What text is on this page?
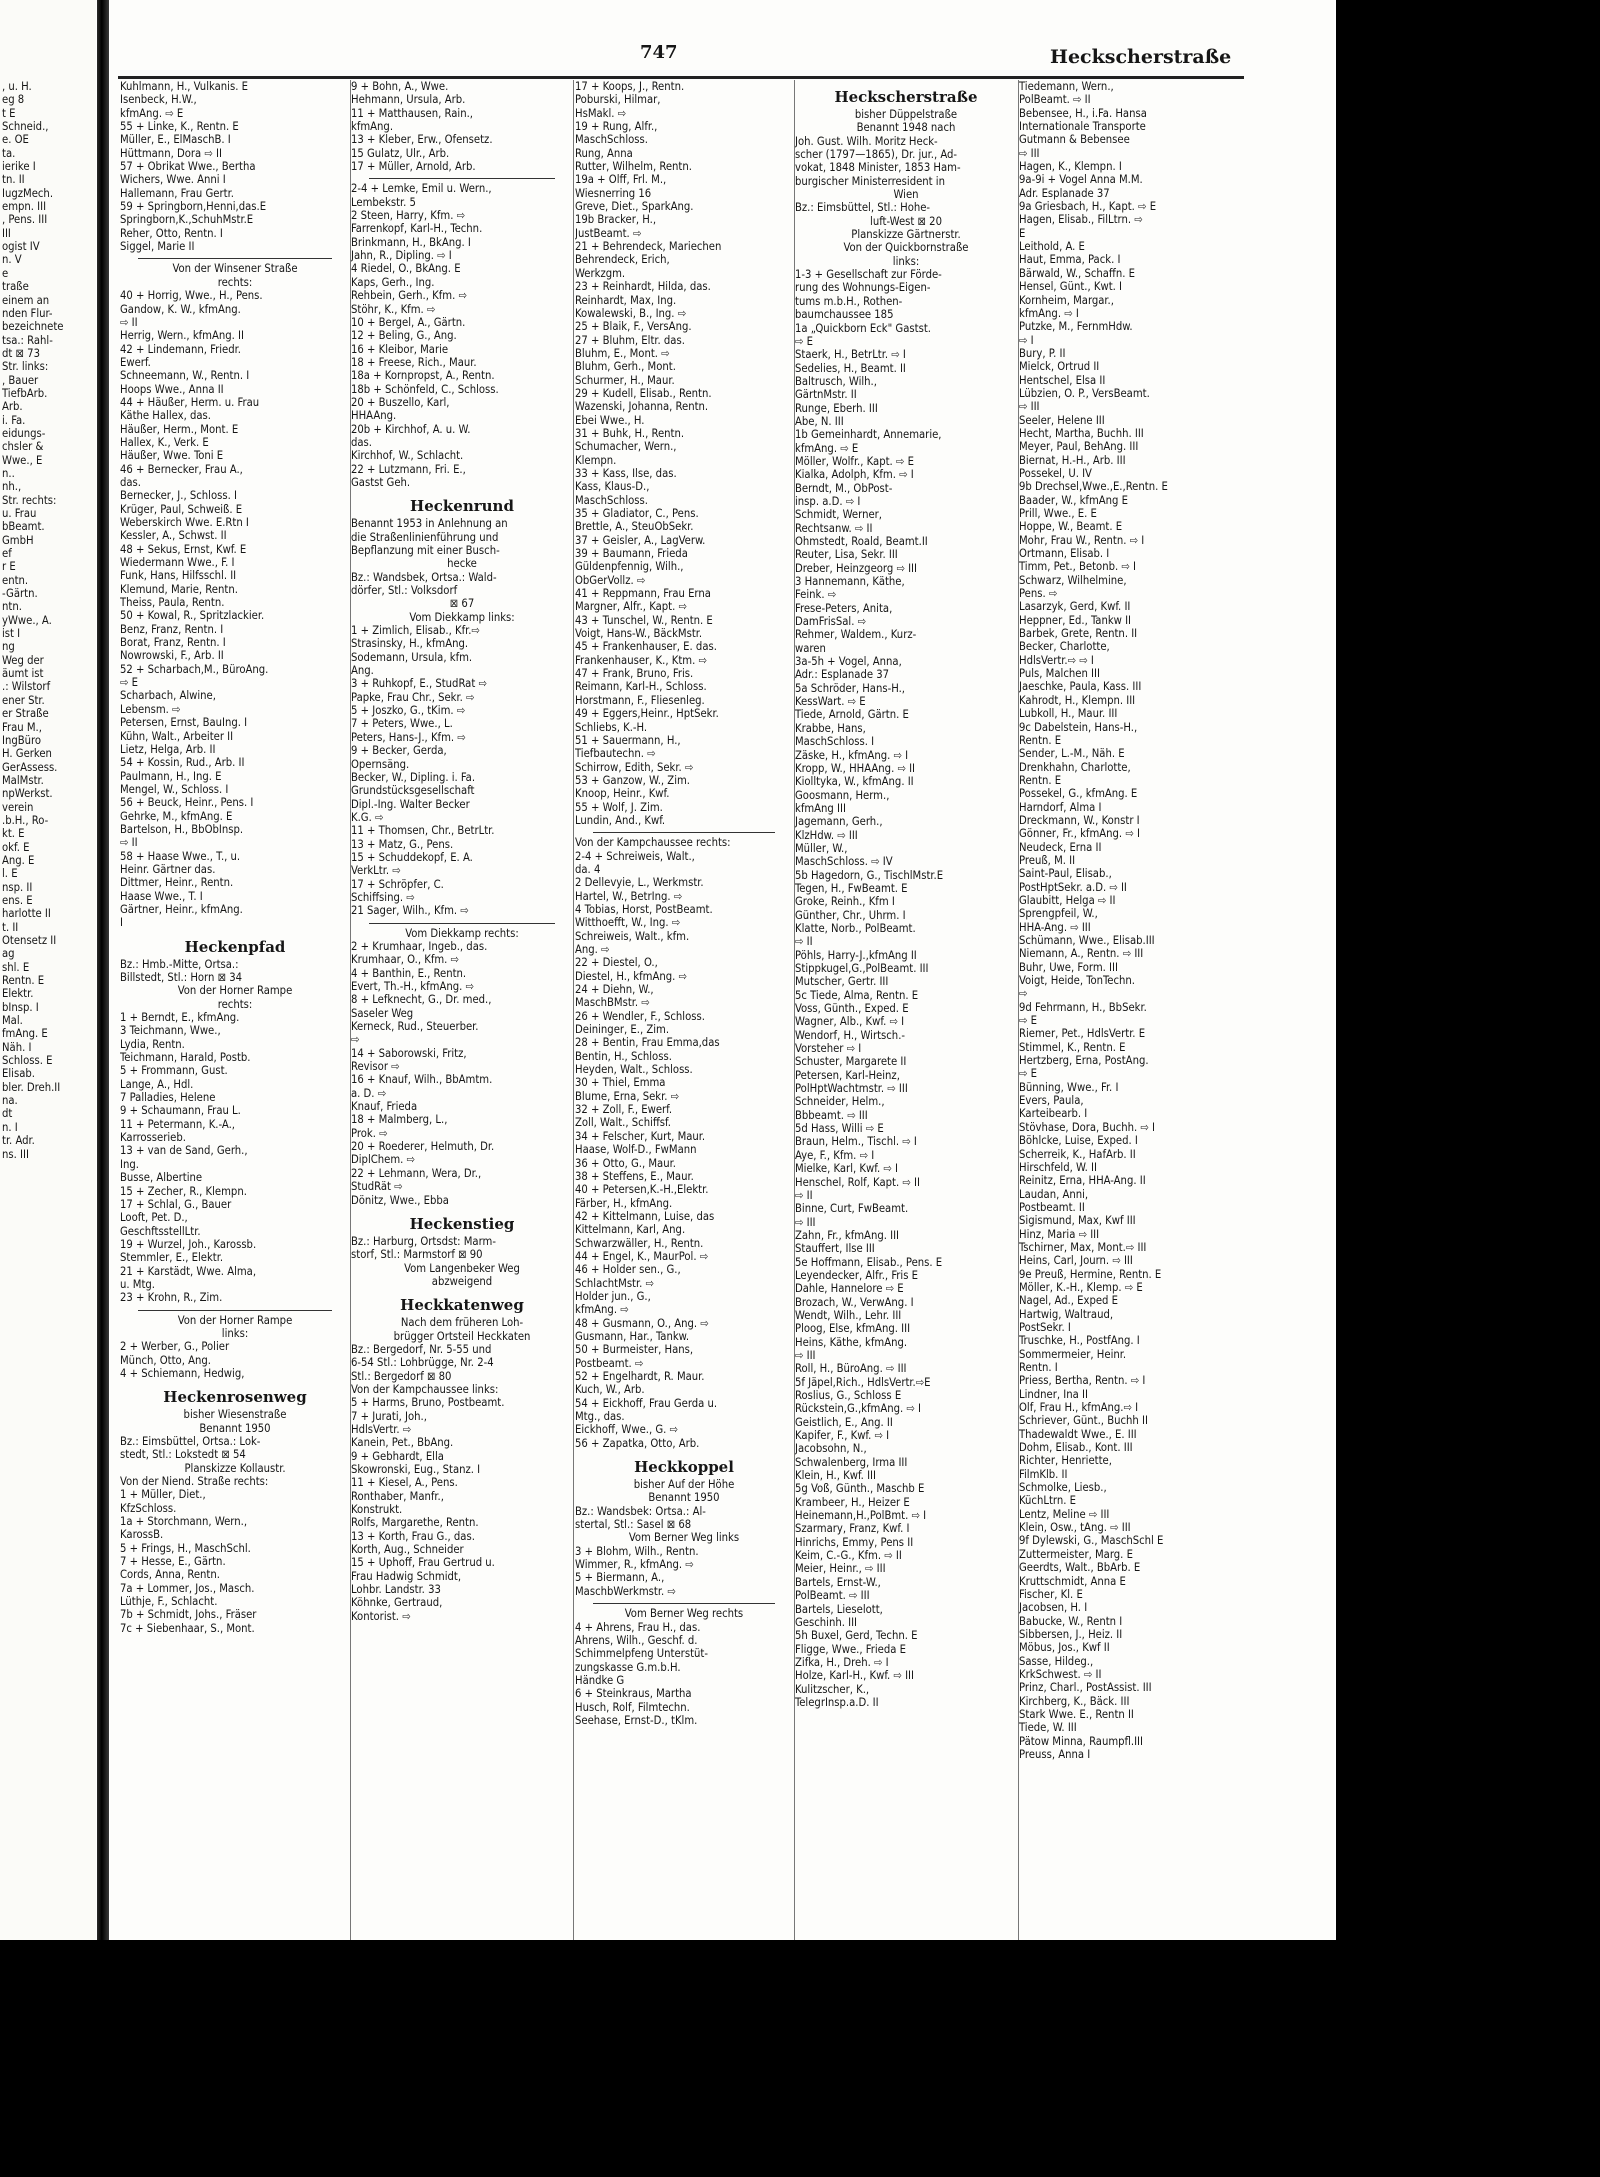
, u. H.
eg 8
t E
Schneid.,
e. OE
ta.
ierike I
tn. II
IugzMech.
empn. III
, Pens. III
III
ogist IV
n. V
e
traße
einem an
nden Flur-
bezeichnete
tsa.: Rahl-
dt ⊠ 73
Str. links:
, Bauer
TiefbArb.
Arb.
i. Fa.
eidungs-
chsler &
Wwe., E
n..
nh.,
Str. rechts:
u. Frau
bBeamt.
GmbH
ef
r E
entn.
-Gärtn.
ntn.
yWwe., A.
ist I
ng
Weg der
äumt ist
.: Wilstorf
ener Str.
er Straße
Frau M.,
IngBüro
H. Gerken
GerAssess.
MalMstr.
npWerkst.
verein
.b.H., Ro-
kt. E
okf. E
Ang. E
l. E
nsp. II
ens. E
harlotte II
t. II
Otensetz II
ag
shl. E
Rentn. E
Elektr.
bInsp. I
Mal.
fmAng. E
Näh. I
Schloss. E
Elisab.
bler. Dreh.II
na.
dt
n. I
tr. Adr.
ns. III
747	Heckscherstraße
Kuhlmann, H., Vulkanis. E
Isenbeck, H.W.,
kfmAng. ⇨ E
55 + Linke, K., Rentn. E
Müller, E., ElMaschB. I
Hüttmann, Dora ⇨ II
57 + Obrikat Wwe., Bertha
Wichers, Wwe. Anni I
Hallemann, Frau Gertr.
59 + Springborn,Henni,das.E
Springborn,K.,SchuhMstr.E
Reher, Otto, Rentn. I
Siggel, Marie II
Von der Winsener Straße
rechts:
40 + Horrig, Wwe., H., Pens.
Gandow, K. W., kfmAng.
⇨ II
Herrig, Wern., kfmAng. II
42 + Lindemann, Friedr.
Ewerf.
Schneemann, W., Rentn. I
Hoops Wwe., Anna II
44 + Häußer, Herm. u. Frau
Käthe Hallex, das.
Häußer, Herm., Mont. E
Hallex, K., Verk. E
Häußer, Wwe. Toni E
46 + Bernecker, Frau A.,
das.
Bernecker, J., Schloss. I
Krüger, Paul, Schweiß. E
Weberskirch Wwe. E.Rtn I
Kessler, A., Schwst. II
48 + Sekus, Ernst, Kwf. E
Wiedermann Wwe., F. I
Funk, Hans, Hilfsschl. II
Klemund, Marie, Rentn.
Theiss, Paula, Rentn.
50 + Kowal, R., Spritzlackier.
Benz, Franz, Rentn. I
Borat, Franz, Rentn. I
Nowrowski, F., Arb. II
52 + Scharbach,M., BüroAng.
⇨ E
Scharbach, Alwine,
Lebensm. ⇨
Petersen, Ernst, BauIng. I
Kühn, Walt., Arbeiter II
Lietz, Helga, Arb. II
54 + Kossin, Rud., Arb. II
Paulmann, H., Ing. E
Mengel, W., Schloss. I
56 + Beuck, Heinr., Pens. I
Gehrke, M., kfmAng. E
Bartelson, H., BbObInsp.
⇨ II
58 + Haase Wwe., T., u.
Heinr. Gärtner das.
Dittmer, Heinr., Rentn.
Haase Wwe., T. I
Gärtner, Heinr., kfmAng.
I
Heckenpfad
Bz.: Hmb.-Mitte, Ortsa.:
Billstedt, Stl.: Horn ⊠ 34
Von der Horner Rampe
rechts:
1 + Berndt, E., kfmAng.
3 Teichmann, Wwe.,
Lydia, Rentn.
Teichmann, Harald, Postb.
5 + Frommann, Gust.
Lange, A., Hdl.
7 Palladies, Helene
9 + Schaumann, Frau L.
11 + Petermann, K.-A.,
Karrosserieb.
13 + van de Sand, Gerh.,
Ing.
Busse, Albertine
15 + Zecher, R., Klempn.
17 + Schlal, G., Bauer
Looft, Pet. D.,
GeschftsstellLtr.
19 + Wurzel, Joh., Karossb.
Stemmler, E., Elektr.
21 + Karstädt, Wwe. Alma,
u. Mtg.
23 + Krohn, R., Zim.
Von der Horner Rampe
links:
2 + Werber, G., Polier
Münch, Otto, Ang.
4 + Schiemann, Hedwig,
Heckenrosenweg
bisher Wiesenstraße
Benannt 1950
Bz.: Eimsbüttel, Ortsa.: Lok-
stedt, Stl.: Lokstedt ⊠ 54
Planskizze Kollaustr.
Von der Niend. Straße rechts:
1 + Müller, Diet.,
KfzSchloss.
1a + Storchmann, Wern.,
KarossB.
5 + Frings, H., MaschSchl.
7 + Hesse, E., Gärtn.
Cords, Anna, Rentn.
7a + Lommer, Jos., Masch.
Lüthje, F., Schlacht.
7b + Schmidt, Johs., Fräser
7c + Siebenhaar, S., Mont.
9 + Bohn, A., Wwe.
Hehmann, Ursula, Arb.
11 + Matthausen, Rain.,
kfmAng.
13 + Kleber, Erw., Ofensetz.
15 Gulatz, Ulr., Arb.
17 + Müller, Arnold, Arb.
2-4 + Lemke, Emil u. Wern.,
Lembekstr. 5
2 Steen, Harry, Kfm. ⇨
Farrenkopf, Karl-H., Techn.
Brinkmann, H., BkAng. I
Jahn, R., Dipling. ⇨ I
4 Riedel, O., BkAng. E
Kaps, Gerh., Ing.
Rehbein, Gerh., Kfm. ⇨
Stöhr, K., Kfm. ⇨
10 + Bergel, A., Gärtn.
12 + Beling, G., Ang.
16 + Kleibor, Marie
18 + Freese, Rich., Maur.
18a + Kornpropst, A., Rentn.
18b + Schönfeld, C., Schloss.
20 + Buszello, Karl,
HHAAng.
20b + Kirchhof, A. u. W.
das.
Kirchhof, W., Schlacht.
22 + Lutzmann, Fri. E.,
Gastst Geh.
Heckenrund
Benannt 1953 in Anlehnung an
die Straßenlinienführung und
Bepflanzung mit einer Busch-
hecke
Bz.: Wandsbek, Ortsa.: Wald-
dörfer, Stl.: Volksdorf
⊠ 67
Vom Diekkamp links:
1 + Zimlich, Elisab., Kfr.⇨
Strasinsky, H., kfmAng.
Sodemann, Ursula, kfm.
Ang.
3 + Ruhkopf, E., StudRat ⇨
Papke, Frau Chr., Sekr. ⇨
5 + Joszko, G., tKim. ⇨
7 + Peters, Wwe., L.
Peters, Hans-J., Kfm. ⇨
9 + Becker, Gerda,
Opernsäng.
Becker, W., Dipling. i. Fa.
Grundstücksgesellschaft
Dipl.-Ing. Walter Becker
K.G. ⇨
11 + Thomsen, Chr., BetrLtr.
13 + Matz, G., Pens.
15 + Schuddekopf, E. A.
VerkLtr. ⇨
17 + Schröpfer, C.
Schiffsing. ⇨
21 Sager, Wilh., Kfm. ⇨
Vom Diekkamp rechts:
2 + Krumhaar, Ingeb., das.
Krumhaar, O., Kfm. ⇨
4 + Banthin, E., Rentn.
Evert, Th.-H., kfmAng. ⇨
8 + Lefknecht, G., Dr. med.,
Saseler Weg
Kerneck, Rud., Steuerber.
⇨
14 + Saborowski, Fritz,
Revisor ⇨
16 + Knauf, Wilh., BbAmtm.
a. D. ⇨
Knauf, Frieda
18 + Malmberg, L.,
Prok. ⇨
20 + Roederer, Helmuth, Dr.
DiplChem. ⇨
22 + Lehmann, Wera, Dr.,
StudRät ⇨
Dönitz, Wwe., Ebba
Heckenstieg
Bz.: Harburg, Ortsdst: Marm-
storf, Stl.: Marmstorf ⊠ 90
Vom Langenbeker Weg
abzweigend
Heckkatenweg
Nach dem früheren Loh-
brügger Ortsteil Heckkaten
Bz.: Bergedorf, Nr. 5-55 und
6-54 Stl.: Lohbrügge, Nr. 2-4
Stl.: Bergedorf ⊠ 80
Von der Kampchaussee links:
5 + Harms, Bruno, Postbeamt.
7 + Jurati, Joh.,
HdlsVertr. ⇨
Kanein, Pet., BbAng.
9 + Gebhardt, Ella
Skowronski, Eug., Stanz. I
11 + Kiesel, A., Pens.
Ronthaber, Manfr.,
Konstrukt.
Rolfs, Margarethe, Rentn.
13 + Korth, Frau G., das.
Korth, Aug., Schneider
15 + Uphoff, Frau Gertrud u.
Frau Hadwig Schmidt,
Lohbr. Landstr. 33
Köhnke, Gertraud,
Kontorist. ⇨
17 + Koops, J., Rentn.
Poburski, Hilmar,
HsMakl. ⇨
19 + Rung, Alfr.,
MaschSchloss.
Rung, Anna
Rutter, Wilhelm, Rentn.
19a + Olff, Frl. M.,
Wiesnerring 16
Greve, Diet., SparkAng.
19b Bracker, H.,
JustBeamt. ⇨
21 + Behrendeck, Mariechen
Behrendeck, Erich,
Werkzgm.
23 + Reinhardt, Hilda, das.
Reinhardt, Max, Ing.
Kowalewski, B., Ing. ⇨
25 + Blaik, F., VersAng.
27 + Bluhm, Eltr. das.
Bluhm, E., Mont. ⇨
Bluhm, Gerh., Mont.
Schurmer, H., Maur.
29 + Kudell, Elisab., Rentn.
Wazenski, Johanna, Rentn.
Ebei Wwe., H.
31 + Buhk, H., Rentn.
Schumacher, Wern.,
Klempn.
33 + Kass, Ilse, das.
Kass, Klaus-D.,
MaschSchloss.
35 + Gladiator, C., Pens.
Brettle, A., SteuObSekr.
37 + Geisler, A., LagVerw.
39 + Baumann, Frieda
Güldenpfennig, Wilh.,
ObGerVollz. ⇨
41 + Reppmann, Frau Erna
Margner, Alfr., Kapt. ⇨
43 + Tunschel, W., Rentn. E
Voigt, Hans-W., BäckMstr.
45 + Frankenhauser, E. das.
Frankenhauser, K., Ktm. ⇨
47 + Frank, Bruno, Fris.
Reimann, Karl-H., Schloss.
Horstmann, F., Fliesenleg.
49 + Eggers,Heinr., HptSekr.
Schliebs, K.-H.
51 + Sauermann, H.,
Tiefbautechn. ⇨
Schirrow, Edith, Sekr. ⇨
53 + Ganzow, W., Zim.
Knoop, Heinr., Kwf.
55 + Wolf, J. Zim.
Lundin, And., Kwf.
Von der Kampchaussee rechts:
2-4 + Schreiweis, Walt.,
da. 4
2 Dellevyie, L., Werkmstr.
Hartel, W., BetrIng. ⇨
4 Tobias, Horst, PostBeamt.
Witthoefft, W., Ing. ⇨
Schreiweis, Walt., kfm.
Ang. ⇨
22 + Diestel, O.,
Diestel, H., kfmAng. ⇨
24 + Diehn, W.,
MaschBMstr. ⇨
26 + Wendler, F., Schloss.
Deininger, E., Zim.
28 + Bentin, Frau Emma,das
Bentin, H., Schloss.
Heyden, Walt., Schloss.
30 + Thiel, Emma
Blume, Erna, Sekr. ⇨
32 + Zoll, F., Ewerf.
Zoll, Walt., Schiffsf.
34 + Felscher, Kurt, Maur.
Haase, Wolf-D., FwMann
36 + Otto, G., Maur.
38 + Steffens, E., Maur.
40 + Petersen,K.-H.,Elektr.
Färber, H., kfmAng.
42 + Kittelmann, Luise, das
Kittelmann, Karl, Ang.
Schwarzwäller, H., Rentn.
44 + Engel, K., MaurPol. ⇨
46 + Holder sen., G.,
SchlachtMstr. ⇨
Holder jun., G.,
kfmAng. ⇨
48 + Gusmann, O., Ang. ⇨
Gusmann, Har., Tankw.
50 + Burmeister, Hans,
Postbeamt. ⇨
52 + Engelhardt, R. Maur.
Kuch, W., Arb.
54 + Eickhoff, Frau Gerda u.
Mtg., das.
Eickhoff, Wwe., G. ⇨
56 + Zapatka, Otto, Arb.
Heckkoppel
bisher Auf der Höhe
Benannt 1950
Bz.: Wandsbek: Ortsa.: Al-
stertal, Stl.: Sasel ⊠ 68
Vom Berner Weg links
3 + Blohm, Wilh., Rentn.
Wimmer, R., kfmAng. ⇨
5 + Biermann, A.,
MaschbWerkmstr. ⇨
Vom Berner Weg rechts
4 + Ahrens, Frau H., das.
Ahrens, Wilh., Geschf. d.
Schimmelpfeng Unterstüt-
zungskasse G.m.b.H.
Händke G
6 + Steinkraus, Martha
Husch, Rolf, Filmtechn.
Seehase, Ernst-D., tKlm.
Heckscherstraße
bisher Düppelstraße
Benannt 1948 nach
Joh. Gust. Wilh. Moritz Heck-
scher (1797—1865), Dr. jur., Ad-
vokat, 1848 Minister, 1853 Ham-
burgischer Ministerresident in
Wien
Bz.: Eimsbüttel, Stl.: Hohe-
luft-West ⊠ 20
Planskizze Gärtnerstr.
Von der Quickbornstraße
links:
1-3 + Gesellschaft zur Förde-
rung des Wohnungs-Eigen-
tums m.b.H., Rothen-
baumchaussee 185
1a „Quickborn Eck" Gastst.
⇨ E
Staerk, H., BetrLtr. ⇨ I
Sedelies, H., Beamt. II
Baltrusch, Wilh.,
GärtnMstr. II
Runge, Eberh. III
Abe, N. III
1b Gemeinhardt, Annemarie,
kfmAng. ⇨ E
Möller, Wolfr., Kapt. ⇨ E
Kialka, Adolph, Kfm. ⇨ I
Berndt, M., ObPost-
insp. a.D. ⇨ I
Schmidt, Werner,
Rechtsanw. ⇨ II
Ohmstedt, Roald, Beamt.II
Reuter, Lisa, Sekr. III
Dreber, Heinzgeorg ⇨ III
3 Hannemann, Käthe,
Feink. ⇨
Frese-Peters, Anita,
DamFrisSal. ⇨
Rehmer, Waldem., Kurz-
waren
3a-5h + Vogel, Anna,
Adr.: Esplanade 37
5a Schröder, Hans-H.,
KessWart. ⇨ E
Tiede, Arnold, Gärtn. E
Krabbe, Hans,
MaschSchloss. I
Zäske, H., kfmAng. ⇨ I
Kropp, W., HHAAng. ⇨ II
Kiolltyka, W., kfmAng. II
Goosmann, Herm.,
kfmAng III
Jagemann, Gerh.,
KlzHdw. ⇨ III
Müller, W.,
MaschSchloss. ⇨ IV
5b Hagedorn, G., TischlMstr.E
Tegen, H., FwBeamt. E
Groke, Reinh., Kfm I
Günther, Chr., Uhrm. I
Klatte, Norb., PolBeamt.
⇨ II
Pöhls, Harry-J.,kfmAng II
Stippkugel,G.,PolBeamt. III
Mutscher, Gertr. III
5c Tiede, Alma, Rentn. E
Voss, Günth., Exped. E
Wagner, Alb., Kwf. ⇨ I
Wendorf, H., Wirtsch.-
Vorsteher ⇨ I
Schuster, Margarete II
Petersen, Karl-Heinz,
PolHptWachtmstr. ⇨ III
Schneider, Helm.,
Bbbeamt. ⇨ III
5d Hass, Willi ⇨ E
Braun, Helm., Tischl. ⇨ I
Aye, F., Kfm. ⇨ I
Mielke, Karl, Kwf. ⇨ I
Henschel, Rolf, Kapt. ⇨ II
⇨ II
Binne, Curt, FwBeamt.
⇨ III
Zahn, Fr., kfmAng. III
Stauffert, Ilse III
5e Hoffmann, Elisab., Pens. E
Leyendecker, Alfr., Fris E
Dahle, Hannelore ⇨ E
Brozach, W., VerwAng. I
Wendt, Wilh., Lehr. III
Ploog, Else, kfmAng. III
Heins, Käthe, kfmAng.
⇨ III
Roll, H., BüroAng. ⇨ III
5f Jäpel,Rich., HdlsVertr.⇨E
Roslius, G., Schloss E
Rückstein,G.,kfmAng. ⇨ I
Geistlich, E., Ang. II
Kapifer, F., Kwf. ⇨ I
Jacobsohn, N.,
Schwalenberg, Irma III
Klein, H., Kwf. III
5g Voß, Günth., Maschb E
Krambeer, H., Heizer E
Heinemann,H.,PolBmt. ⇨ I
Szarmary, Franz, Kwf. I
Hinrichs, Emmy, Pens II
Keim, C.-G., Kfm. ⇨ II
Meier, Heinr., ⇨ III
Bartels, Ernst-W.,
PolBeamt. ⇨ III
Bartels, Lieselott,
Geschinh. III
5h Buxel, Gerd, Techn. E
Fligge, Wwe., Frieda E
Zifka, H., Dreh. ⇨ I
Holze, Karl-H., Kwf. ⇨ III
Kulitzscher, K.,
TelegrInsp.a.D. II
Tiedemann, Wern.,
PolBeamt. ⇨ II
Bebensee, H., i.Fa. Hansa
Internationale Transporte
Gutmann & Bebensee
⇨ III
Hagen, K., Klempn. I
9a-9i + Vogel Anna M.M.
Adr. Esplanade 37
9a Griesbach, H., Kapt. ⇨ E
Hagen, Elisab., FilLtrn. ⇨
E
Leithold, A. E
Haut, Emma, Pack. I
Bärwald, W., Schaffn. E
Hensel, Günt., Kwt. I
Kornheim, Margar.,
kfmAng. ⇨ I
Putzke, M., FernmHdw.
⇨ I
Bury, P. II
Mielck, Ortrud II
Hentschel, Elsa II
Lübzien, O. P., VersBeamt.
⇨ III
Seeler, Helene III
Hecht, Martha, Buchh. III
Meyer, Paul, BehAng. III
Biernat, H.-H., Arb. III
Possekel, U. IV
9b Drechsel,Wwe.,E.,Rentn. E
Baader, W., kfmAng E
Prill, Wwe., E. E
Hoppe, W., Beamt. E
Mohr, Frau W., Rentn. ⇨ I
Ortmann, Elisab. I
Timm, Pet., Betonb. ⇨ I
Schwarz, Wilhelmine,
Pens. ⇨
Lasarzyk, Gerd, Kwf. II
Heppner, Ed., Tankw II
Barbek, Grete, Rentn. II
Becker, Charlotte,
HdlsVertr.⇨ ⇨ I
Puls, Malchen III
Jaeschke, Paula, Kass. III
Kahrodt, H., Klempn. III
Lubkoll, H., Maur. III
9c Dabelstein, Hans-H.,
Rentn. E
Sender, L.-M., Näh. E
Drenkhahn, Charlotte,
Rentn. E
Possekel, G., kfmAng. E
Harndorf, Alma I
Dreckmann, W., Konstr I
Gönner, Fr., kfmAng. ⇨ I
Neudeck, Erna II
Preuß, M. II
Saint-Paul, Elisab.,
PostHptSekr. a.D. ⇨ II
Glaubitt, Helga ⇨ II
Sprengpfeil, W.,
HHA-Ang. ⇨ III
Schümann, Wwe., Elisab.III
Niemann, A., Rentn. ⇨ III
Buhr, Uwe, Form. III
Voigt, Heide, TonTechn.
⇨
9d Fehrmann, H., BbSekr.
⇨ E
Riemer, Pet., HdlsVertr. E
Stimmel, K., Rentn. E
Hertzberg, Erna, PostAng.
⇨ E
Bünning, Wwe., Fr. I
Evers, Paula,
Karteibearb. I
Stövhase, Dora, Buchh. ⇨ I
Böhlcke, Luise, Exped. I
Scherreik, K., HafArb. II
Hirschfeld, W. II
Reinitz, Erna, HHA-Ang. II
Laudan, Anni,
Postbeamt. II
Sigismund, Max, Kwf III
Hinz, Maria ⇨ III
Tschirner, Max, Mont.⇨ III
Heins, Carl, Journ. ⇨ III
9e Preuß, Hermine, Rentn. E
Möller, K.-H., Klemp. ⇨ E
Nagel, Ad., Exped E
Hartwig, Waltraud,
PostSekr. I
Truschke, H., PostfAng. I
Sommermeier, Heinr.
Rentn. I
Priess, Bertha, Rentn. ⇨ I
Lindner, Ina II
Olf, Frau H., kfmAng.⇨ I
Schriever, Günt., Buchh II
Thadewaldt Wwe., E. III
Dohm, Elisab., Kont. III
Richter, Henriette,
FilmKlb. II
Schmolke, Liesb.,
KüchLtrn. E
Lentz, Meline ⇨ III
Klein, Osw., tAng. ⇨ III
9f Dylewski, G., MaschSchl E
Zuttermeister, Marg. E
Geerdts, Walt., BbArb. E
Kruttschmidt, Anna E
Fischer, Kl. E
Jacobsen, H. I
Babucke, W., Rentn I
Sibbersen, J., Heiz. II
Möbus, Jos., Kwf II
Sasse, Hildeg.,
KrkSchwest. ⇨ II
Prinz, Charl., PostAssist. III
Kirchberg, K., Bäck. III
Stark Wwe. E., Rentn II
Tiede, W. III
Pätow Minna, Raumpfl.III
Preuss, Anna I
